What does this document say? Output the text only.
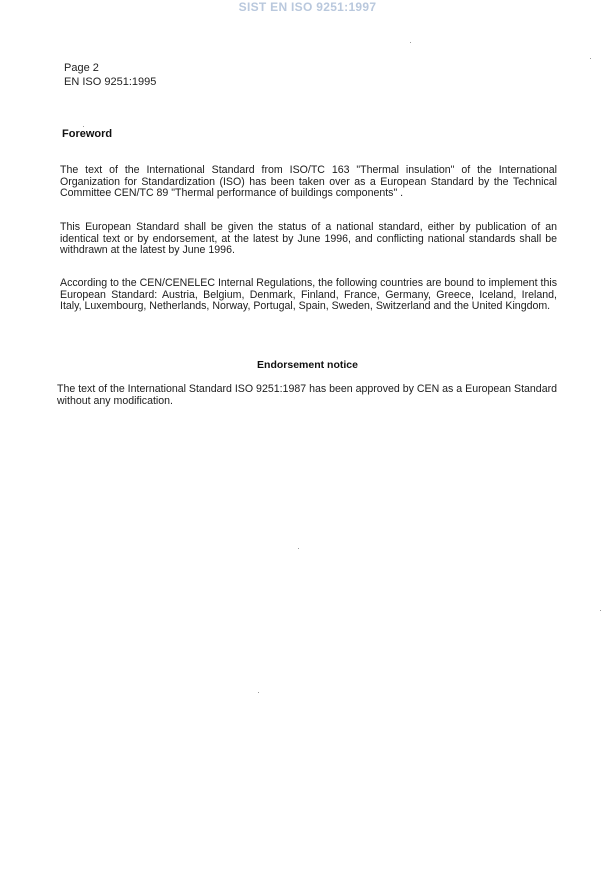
SIST EN ISO 9251:1997
Page 2
EN ISO 9251:1995
Foreword

The text of the International Standard from ISO/TC 163 "Thermal insulation" of the International Organization for Standardization (ISO) has been taken over as a European Standard by the Technical Committee CEN/TC 89 "Thermal performance of buildings components" .

This European Standard shall be given the status of a national standard, either by publication of an identical text or by endorsement, at the latest by June 1996, and conflicting national standards shall be withdrawn at the latest by June 1996.

According to the CEN/CENELEC Internal Regulations, the following countries are bound to implement this European Standard: Austria, Belgium, Denmark, Finland, France, Germany, Greece, Iceland, Ireland, Italy, Luxembourg, Netherlands, Norway, Portugal, Spain, Sweden, Switzerland and the United Kingdom.

Endorsement notice

The text of the International Standard ISO 9251:1987 has been approved by CEN as a European Standard without any modification.
